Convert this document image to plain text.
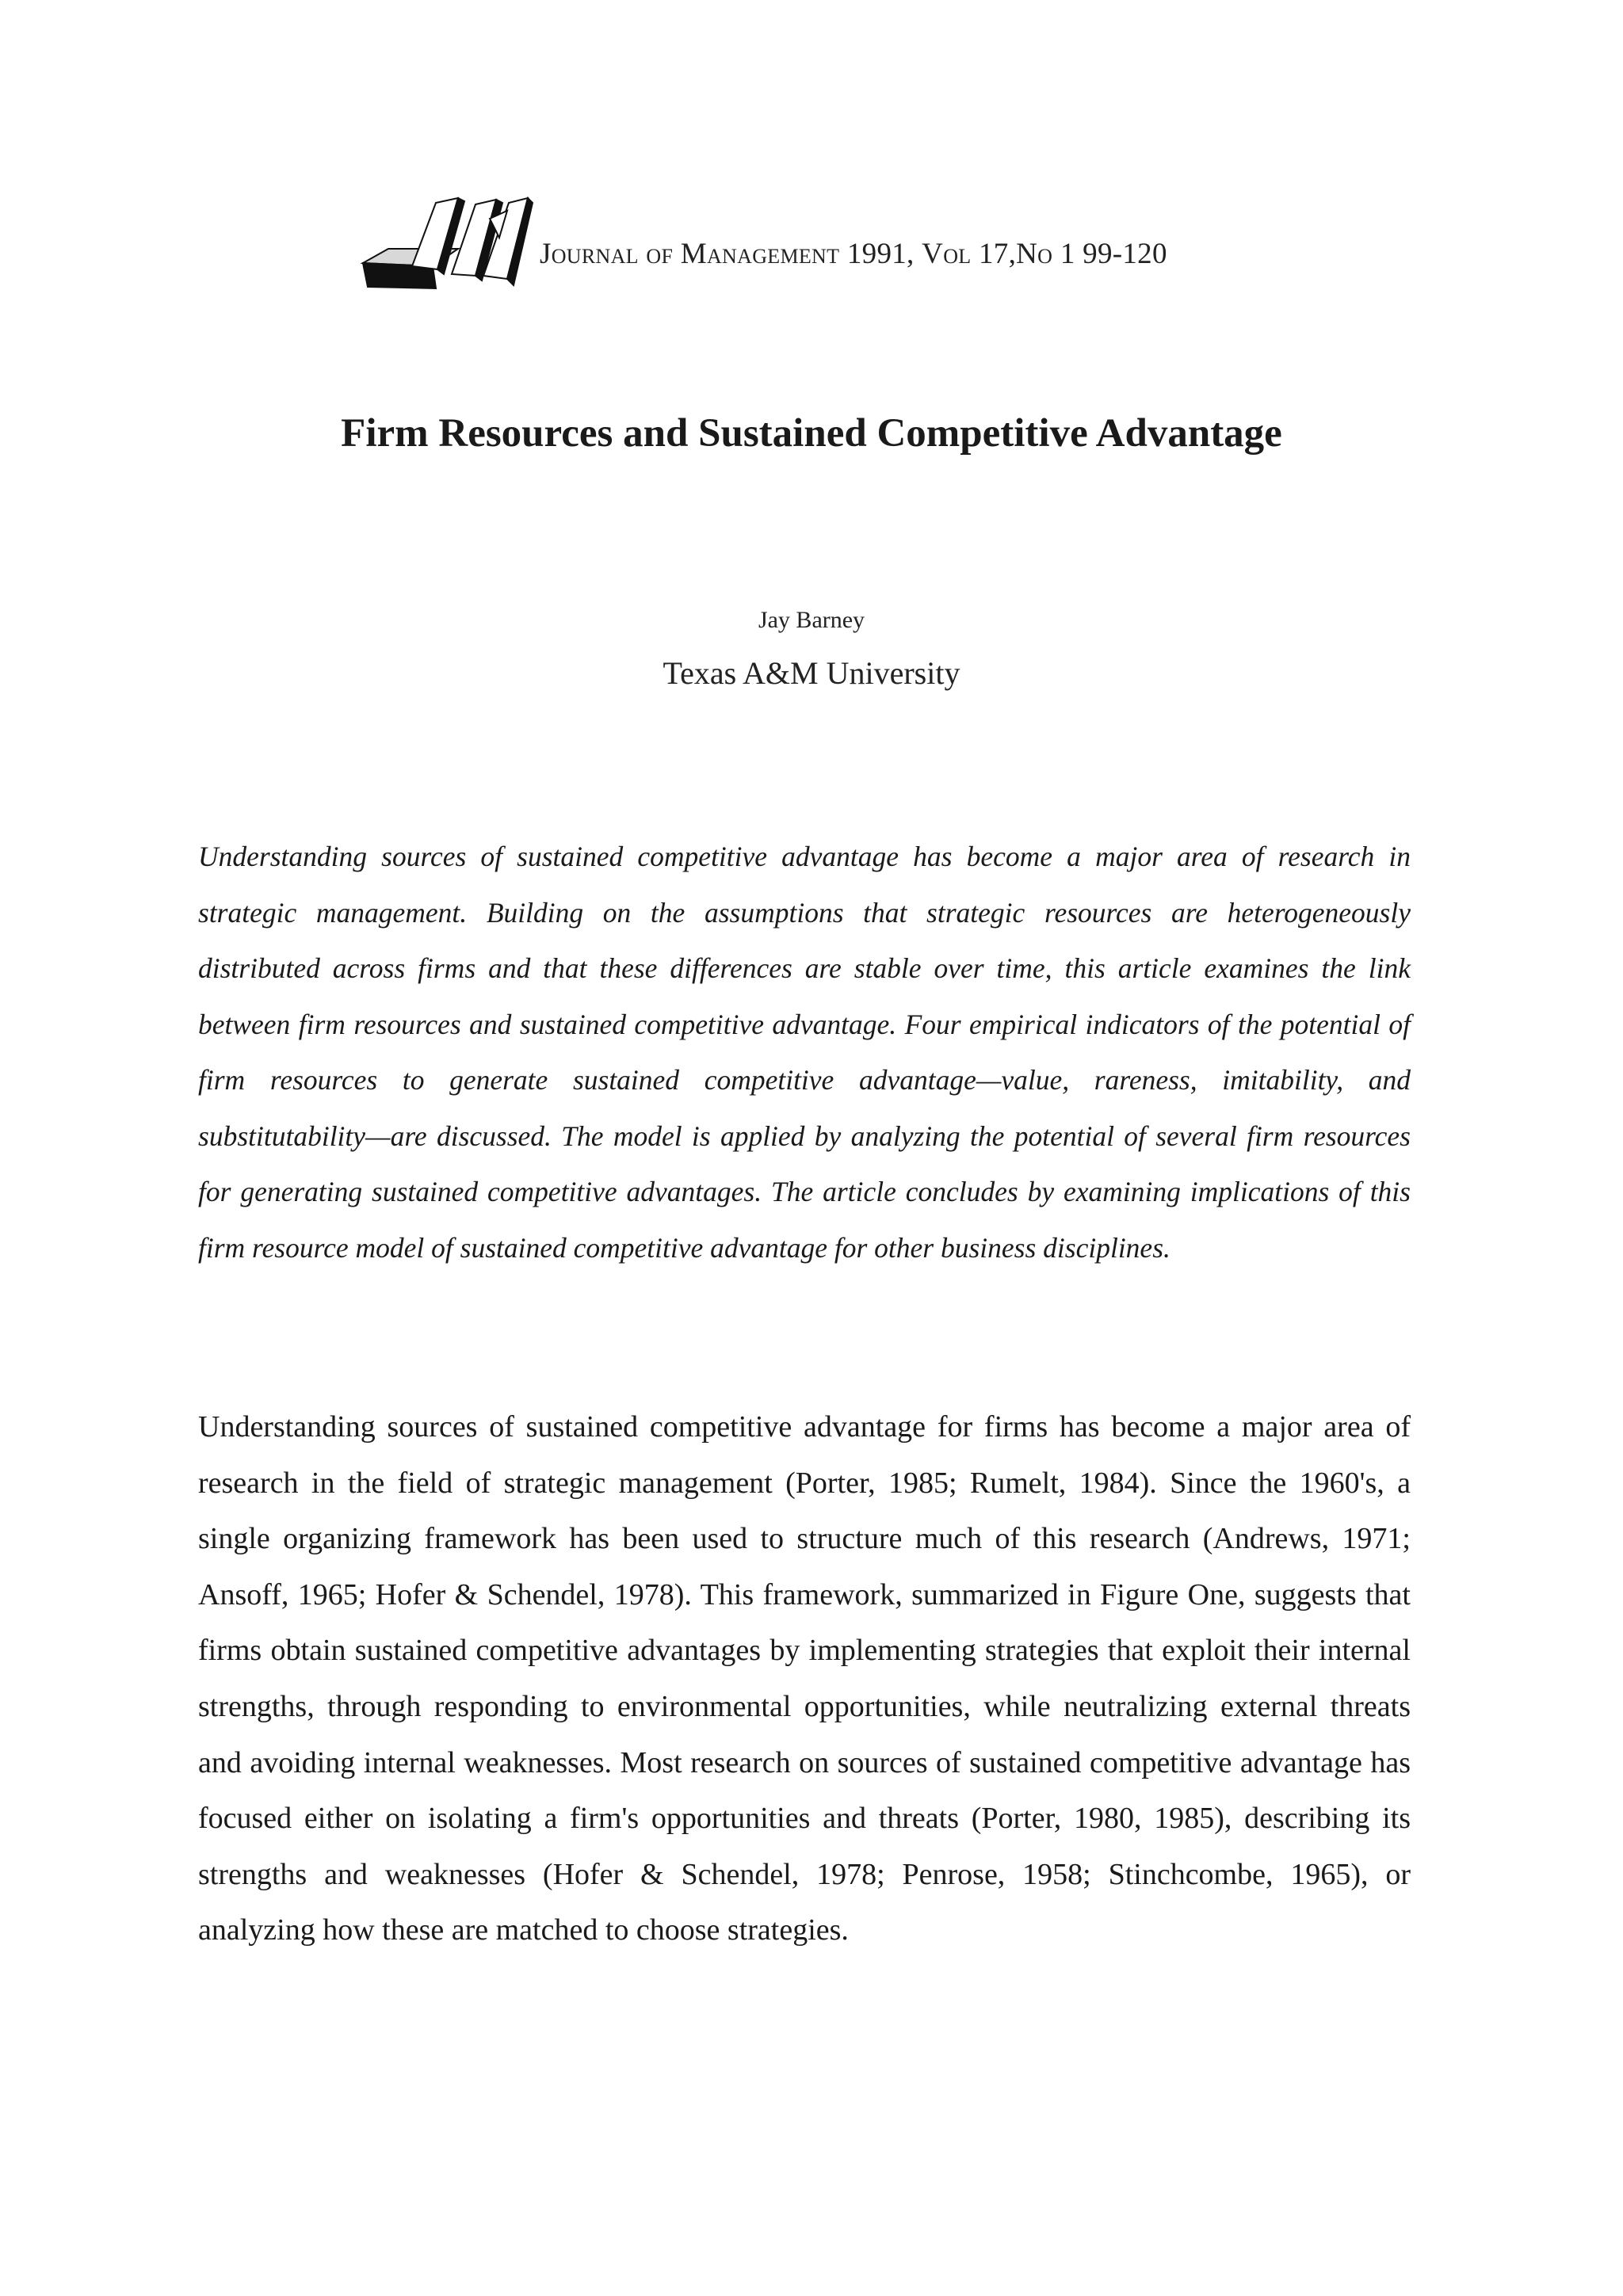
Journal of Management 1991, Vol 17,No 1 99-120
Firm Resources and Sustained Competitive Advantage
Jay Barney
Texas A&M University

Understanding sources of sustained competitive advantage has become a major area of research in strategic management. Building on the assumptions that strategic resources are heterogeneously distributed across firms and that these differences are stable over time, this article examines the link between firm resources and sustained competitive advantage. Four empirical indicators of the potential of firm resources to generate sustained competitive advantage—value, rareness, imitability, and substitutability—are discussed. The model is applied by analyzing the potential of several firm resources for generating sustained competitive advantages. The article concludes by examining implications of this firm resource model of sustained competitive advantage for other business disciplines.

Understanding sources of sustained competitive advantage for firms has become a major area of research in the field of strategic management (Porter, 1985; Rumelt, 1984). Since the 1960's, a single organizing framework has been used to structure much of this research (Andrews, 1971; Ansoff, 1965; Hofer & Schendel, 1978). This framework, summarized in Figure One, suggests that firms obtain sustained competitive advantages by implementing strategies that exploit their internal strengths, through responding to environmental opportunities, while neutralizing external threats and avoiding internal weaknesses. Most research on sources of sustained competitive advantage has focused either on isolating a firm's opportunities and threats (Porter, 1980, 1985), describing its strengths and weaknesses (Hofer & Schendel, 1978; Penrose, 1958; Stinchcombe, 1965), or analyzing how these are matched to choose strategies.
